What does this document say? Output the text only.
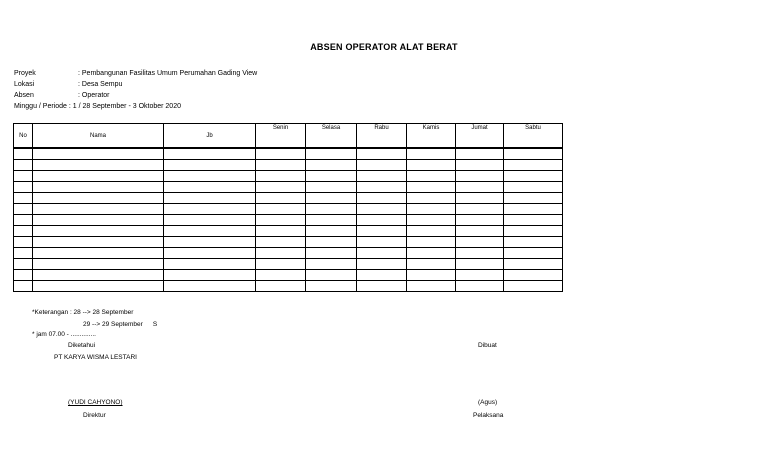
ABSEN OPERATOR ALAT BERAT
Proyek	: Pembangunan Fasilitas Umum Perumahan Gading View
Lokasi	: Desa Sempu
Absen	: Operator
Minggu / Periode : 1 / 28 September - 3 Oktober 2020
No	Nama	Jb	Senin	Selasa	Rabu	Kamis	Jumat	Sabtu

*Keterangan : 28 --> 28 September
29 --> 29 September S
* jam 07.00 - ..............
Diketahui
PT KARYA WISMA LESTARI
(YUDI CAHYONO)
Direktur
Dibuat
(Agus)
Pelaksana
